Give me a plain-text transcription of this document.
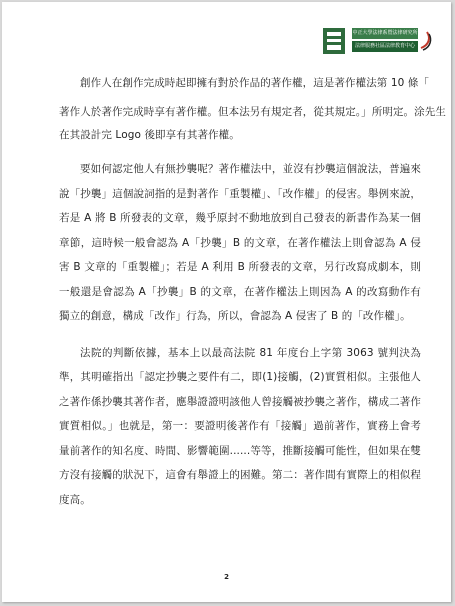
中正大學法律系暨法律研究所
法律服務社區法律教育中心
創作人在創作完成時起即擁有對於作品的著作權，這是著作權法第 10 條「
著作人於著作完成時享有著作權。但本法另有規定者，從其規定。」所明定。涂先生
在其設計完 Logo 後即享有其著作權。

要如何認定他人有無抄襲呢？著作權法中，並沒有抄襲這個說法，普遍來說「抄襲」這個說詞指的是對著作「重製權」、「改作權」的侵害。舉例來說，若是 A 將 B 所發表的文章，幾乎原封不動地放到自己發表的新書作為某一個章節，這時候一般會認為 A「抄襲」B 的文章，在著作權法上則會認為 A 侵害 B 文章的「重製權」；若是 A 利用 B 所發表的文章，另行改寫成劇本，則一般還是會認為 A「抄襲」B 的文章，在著作權法上則因為 A 的改寫動作有獨立的創意，構成「改作」行為，所以，會認為 A 侵害了 B 的「改作權」。

法院的判斷依據，基本上以最高法院 81 年度台上字第 3063 號判決為準，其明確指出「認定抄襲之要件有二，即(1)接觸，(2)實質相似。主張他人之著作係抄襲其著作者，應舉證證明該他人曾接觸被抄襲之著作，構成二著作實質相似。」也就是，第一：要證明後著作有「接觸」過前著作，實務上會考量前著作的知名度、時間、影響範圍......等等，推斷接觸可能性，但如果在雙方沒有接觸的狀況下，這會有舉證上的困難。第二：著作間有實際上的相似程度高。

2
